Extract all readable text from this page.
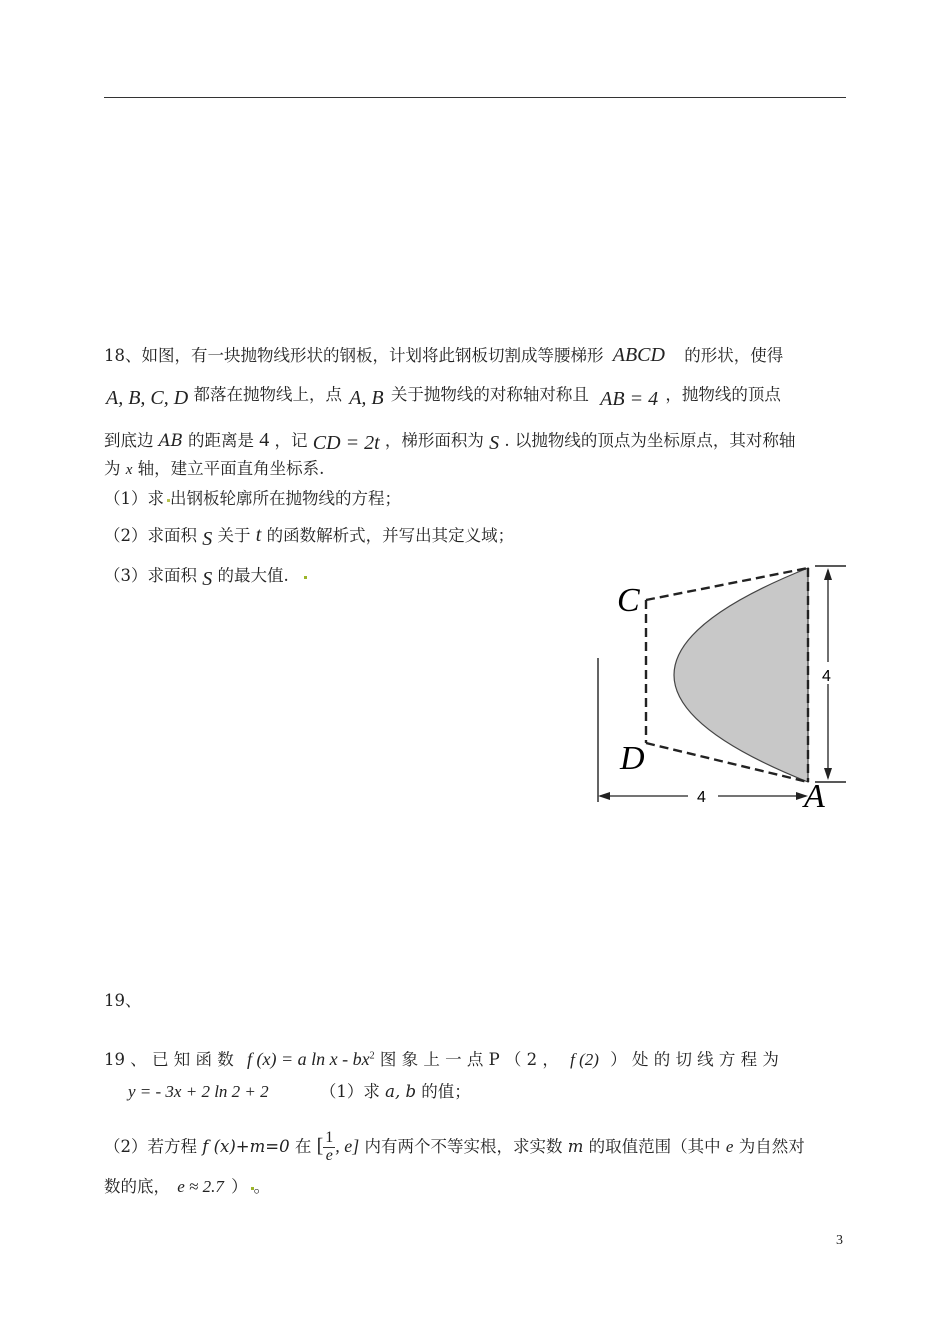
18、如图，有一块抛物线形状的钢板，计划将此钢板切割成等腰梯形 ABCD 的形状，使得
A, B, C, D 都落在抛物线上，点 A, B 关于抛物线的对称轴对称且 AB = 4 ，抛物线的顶点
到底边 AB 的距离是 4 ，记 CD = 2t ，梯形面积为 S . 以抛物线的顶点为坐标原点，其对称轴
为 x 轴，建立平面直角坐标系.
（1）求 出钢板轮廓所在抛物线的方程；
（2）求面积 S 关于 t 的函数解析式，并写出其定义域；
（3）求面积 S 的最大值.
4
4
C
D
A
19、
19 、 已 知 函 数 f (x) = a ln x - $bx^2$ 图 象 上 一 点 P （ 2 ， f (2) ） 处 的 切 线 方 程 为
y = - 3x + 2 ln 2 + 2	（1）求 a, b 的值；
（2）若方程 f (x)+m=0 在 [ $\frac{1}{e}$ , e] 内有两个不等实根，求实数 m 的取值范围（其中 e 为自然对
数的底， e ≈ 2.7 ） 。
3
